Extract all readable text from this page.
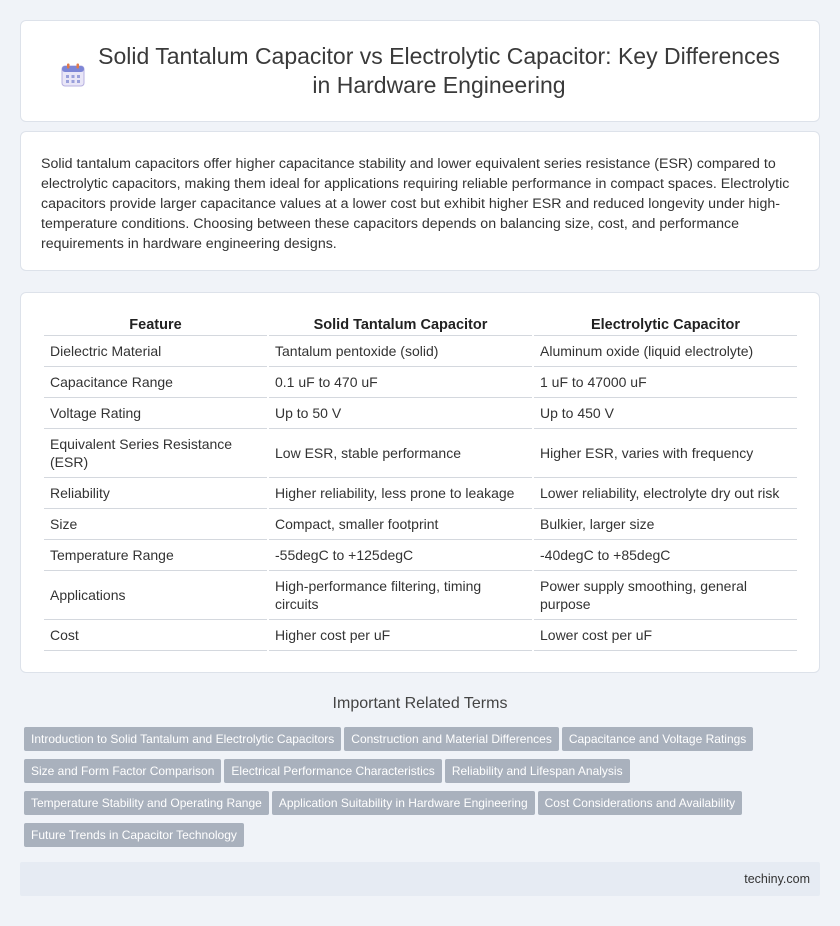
Solid Tantalum Capacitor vs Electrolytic Capacitor: Key Differences in Hardware Engineering

Solid tantalum capacitors offer higher capacitance stability and lower equivalent series resistance (ESR) compared to electrolytic capacitors, making them ideal for applications requiring reliable performance in compact spaces. Electrolytic capacitors provide larger capacitance values at a lower cost but exhibit higher ESR and reduced longevity under high-temperature conditions. Choosing between these capacitors depends on balancing size, cost, and performance requirements in hardware engineering designs.

Feature	Solid Tantalum Capacitor	Electrolytic Capacitor
Dielectric Material	Tantalum pentoxide (solid)	Aluminum oxide (liquid electrolyte)
Capacitance Range	0.1 uF to 470 uF	1 uF to 47000 uF
Voltage Rating	Up to 50 V	Up to 450 V
Equivalent Series Resistance (ESR)	Low ESR, stable performance	Higher ESR, varies with frequency
Reliability	Higher reliability, less prone to leakage	Lower reliability, electrolyte dry out risk
Size	Compact, smaller footprint	Bulkier, larger size
Temperature Range	-55degC to +125degC	-40degC to +85degC
Applications	High-performance filtering, timing circuits	Power supply smoothing, general purpose
Cost	Higher cost per uF	Lower cost per uF
Important Related Terms
Introduction to Solid Tantalum and Electrolytic Capacitors Construction and Material Differences Capacitance and Voltage Ratings
Size and Form Factor Comparison Electrical Performance Characteristics Reliability and Lifespan Analysis
Temperature Stability and Operating Range Application Suitability in Hardware Engineering Cost Considerations and Availability
Future Trends in Capacitor Technology
techiny.com
